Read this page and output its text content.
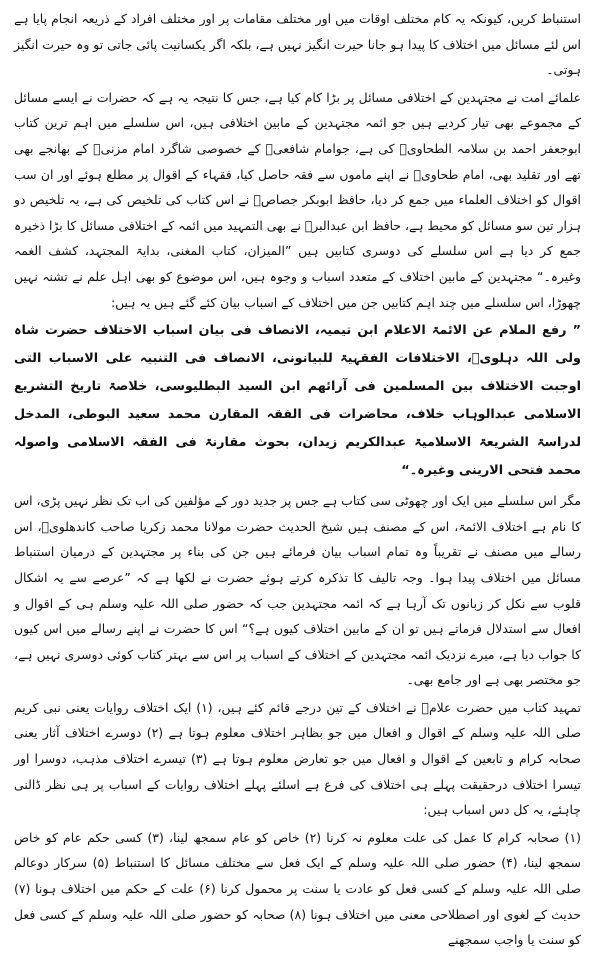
استنباط کریں، کیونکہ یہ کام مختلف اوقات میں اور مختلف مقامات پر اور مختلف افراد کے ذریعہ انجام پایا ہے اس لئے مسائل میں اختلاف کا پیدا ہو جانا حیرت انگیز نہیں ہے، بلکہ اگر یکسانیت پائی جاتی تو وہ حیرت انگیز ہوتی۔

علمائے امت نے مجتہدین کے اختلافی مسائل پر بڑا کام کیا ہے، جس کا نتیجہ یہ ہے کہ حضرات نے ایسے مسائل کے مجموعے بھی تیار کردیے ہیں جو ائمہ مجتہدین کے مابین اختلافی ہیں، اس سلسلے میں اہم ترین کتاب ابوجعفر احمد بن سلامہ الطحاویؒ کی ہے، جوامام شافعیؒ کے خصوصی شاگرد امام مزنیؒ کے بھانجے بھی تھے اور تقلید بھی، امام طحاویؒ نے اپنے ماموں سے فقہ حاصل کیا، فقہاء کے اقوال پر مطلع ہوئے اور ان سب اقوال کو اختلاف العلماء میں جمع کر دیا، حافظ ابوبکر جصاصؒ نے اس کتاب کی تلخیص کی ہے، یہ تلخیص دو ہزار تین سو مسائل کو محیط ہے، حافظ ابن عبدالبرؒ نے بھی التمہید میں ائمہ کے اختلافی مسائل کا بڑا ذخیرہ جمع کر دیا ہے اس سلسلے کی دوسری کتابیں ہیں ”المیزان، کتاب المغنی، بدایۃ المجتہد، کشف الغمہ وغیرہ۔“ مجتہدین کے مابین اختلاف کے متعدد اسباب و وجوہ ہیں، اس موضوع کو بھی اہل علم نے تشنہ نہیں چھوڑا، اس سلسلے میں چند اہم کتابیں جن میں اختلاف کے اسباب بیان کئے گئے ہیں یہ ہیں:

” رفع الملام عن الائمۃ الاعلام ابن تیمیہ، الانصاف فی بیان اسباب الاختلاف حضرت شاہ ولی اللہ دہلویؒ، الاختلافات الفقہیۃ للبیانونی، الانصاف فی التنبیہ علی الاسباب التی اوجبت الاختلاف بین المسلمین فی آرائھم ابن السید البطلیوسی، خلاصۃ تاریخ التشریع الاسلامی عبدالوہاب خلاف، محاضرات فی الفقہ المقارن محمد سعید البوطی، المدخل لدراسۃ الشریعۃ الاسلامیۃ عبدالکریم زیدان، بحوث مقارنۃ فی الفقہ الاسلامی واصولہ محمد فتحی الارینی وغیرہ۔“

مگر اس سلسلے میں ایک اور چھوٹی سی کتاب ہے جس پر جدید دور کے مؤلفین کی اب تک نظر نہیں پڑی، اس کا نام ہے اختلاف الائمۃ، اس کے مصنف ہیں شیخ الحدیث حضرت مولانا محمد زکریا صاحب کاندھلویؒ، اس رسالے میں مصنف نے تقریباً وہ تمام اسباب بیان فرمائے ہیں جن کی بناء پر مجتہدین کے درمیان استنباط مسائل میں اختلاف پیدا ہوا۔ وجہ تالیف کا تذکرہ کرتے ہوئے حضرت نے لکھا ہے کہ ”عرصے سے یہ اشکال قلوب سے نکل کر زبانوں تک آرہا ہے کہ ائمہ مجتہدین جب کہ حضور صلی اللہ علیہ وسلم ہی کے اقوال و افعال سے استدلال فرماتے ہیں تو ان کے مابین اختلاف کیوں ہے؟“ اس کا حضرت نے اپنے رسالے میں اس کیوں کا جواب دیا ہے، میرے نزدیک ائمہ مجتہدین کے اختلاف کے اسباب پر اس سے بہتر کتاب کوئی دوسری نہیں ہے، جو مختصر بھی ہے اور جامع بھی۔

تمہید کتاب میں حضرت علامؒ نے اختلاف کے تین درجے قائم کئے ہیں، (۱) ایک اختلاف روایات یعنی نبی کریم صلی اللہ علیہ وسلم کے اقوال و افعال میں جو بظاہر اختلاف معلوم ہوتا ہے (۲) دوسرے اختلاف آثار یعنی صحابہ کرام و تابعین کے اقوال و افعال میں جو تعارض معلوم ہوتا ہے (۳) تیسرے اختلاف مذہب، دوسرا اور تیسرا اختلاف درحقیقت پہلے ہی اختلاف کی فرع ہے اسلئے پہلے اختلاف روایات کے اسباب پر ہی نظر ڈالنی چاہئے، یہ کل دس اسباب ہیں:

(۱) صحابہ کرام کا عمل کی علت معلوم نہ کرنا (۲) خاص کو عام سمجھ لینا، (۳) کسی حکم عام کو خاص سمجھ لینا، (۴) حضور صلی اللہ علیہ وسلم کے ایک فعل سے مختلف مسائل کا استنباط (۵) سرکار دوعالم صلی اللہ علیہ وسلم کے کسی فعل کو عادت یا سنت پر محمول کرنا (۶) علت کے حکم میں اختلاف ہونا (۷) حدیث کے لغوی اور اصطلاحی معنی میں اختلاف ہونا (۸) صحابہ کو حضور صلی اللہ علیہ وسلم کے کسی فعل کو سنت یا واجب سمجھنے
